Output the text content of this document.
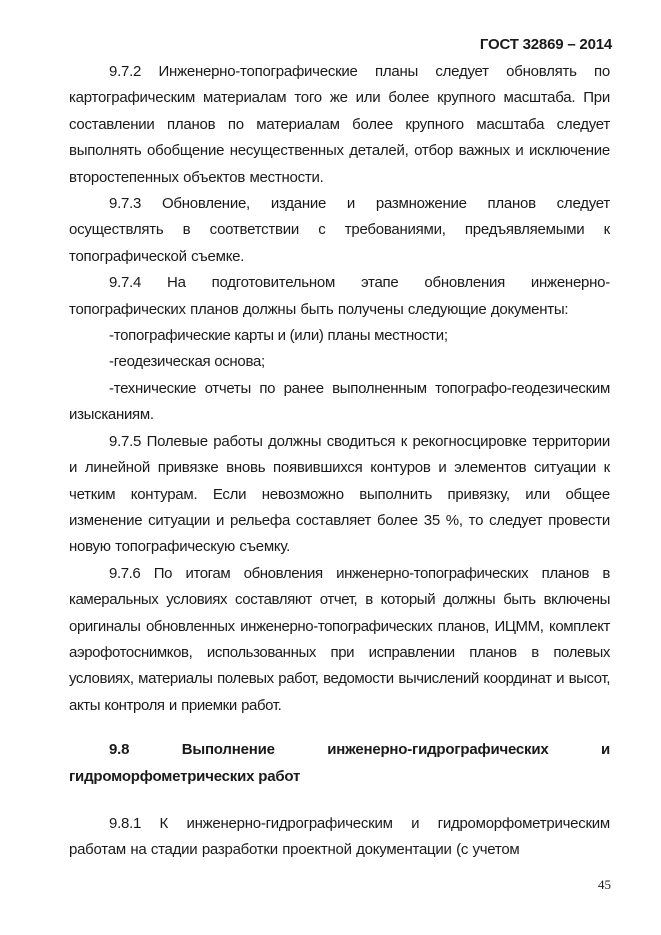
ГОСТ 32869 – 2014

9.7.2 Инженерно-топографические планы следует обновлять по картографическим материалам того же или более крупного масштаба. При составлении планов по материалам более крупного масштаба следует выполнять обобщение несущественных деталей, отбор важных и исключение второстепенных объектов местности.

9.7.3 Обновление, издание и размножение планов следует осуществлять в соответствии с требованиями, предъявляемыми к топографической съемке.

9.7.4 На подготовительном этапе обновления инженерно-топографических планов должны быть получены следующие документы:

-топографические карты и (или) планы местности;

-геодезическая основа;

-технические отчеты по ранее выполненным топографо-геодезическим изысканиям.

9.7.5 Полевые работы должны сводиться к рекогносцировке территории и линейной привязке вновь появившихся контуров и элементов ситуации к четким контурам. Если невозможно выполнить привязку, или общее изменение ситуации и рельефа составляет более 35 %, то следует провести новую топографическую съемку.

9.7.6 По итогам обновления инженерно-топографических планов в камеральных условиях составляют отчет, в который должны быть включены оригиналы обновленных инженерно-топографических планов, ИЦММ, комплект аэрофотоснимков, использованных при исправлении планов в полевых условиях, материалы полевых работ, ведомости вычислений координат и высот, акты контроля и приемки работ.

9.8 Выполнение инженерно-гидрографических и гидроморфометрических работ

9.8.1 К инженерно-гидрографическим и гидроморфометрическим работам на стадии разработки проектной документации (с учетом

45
